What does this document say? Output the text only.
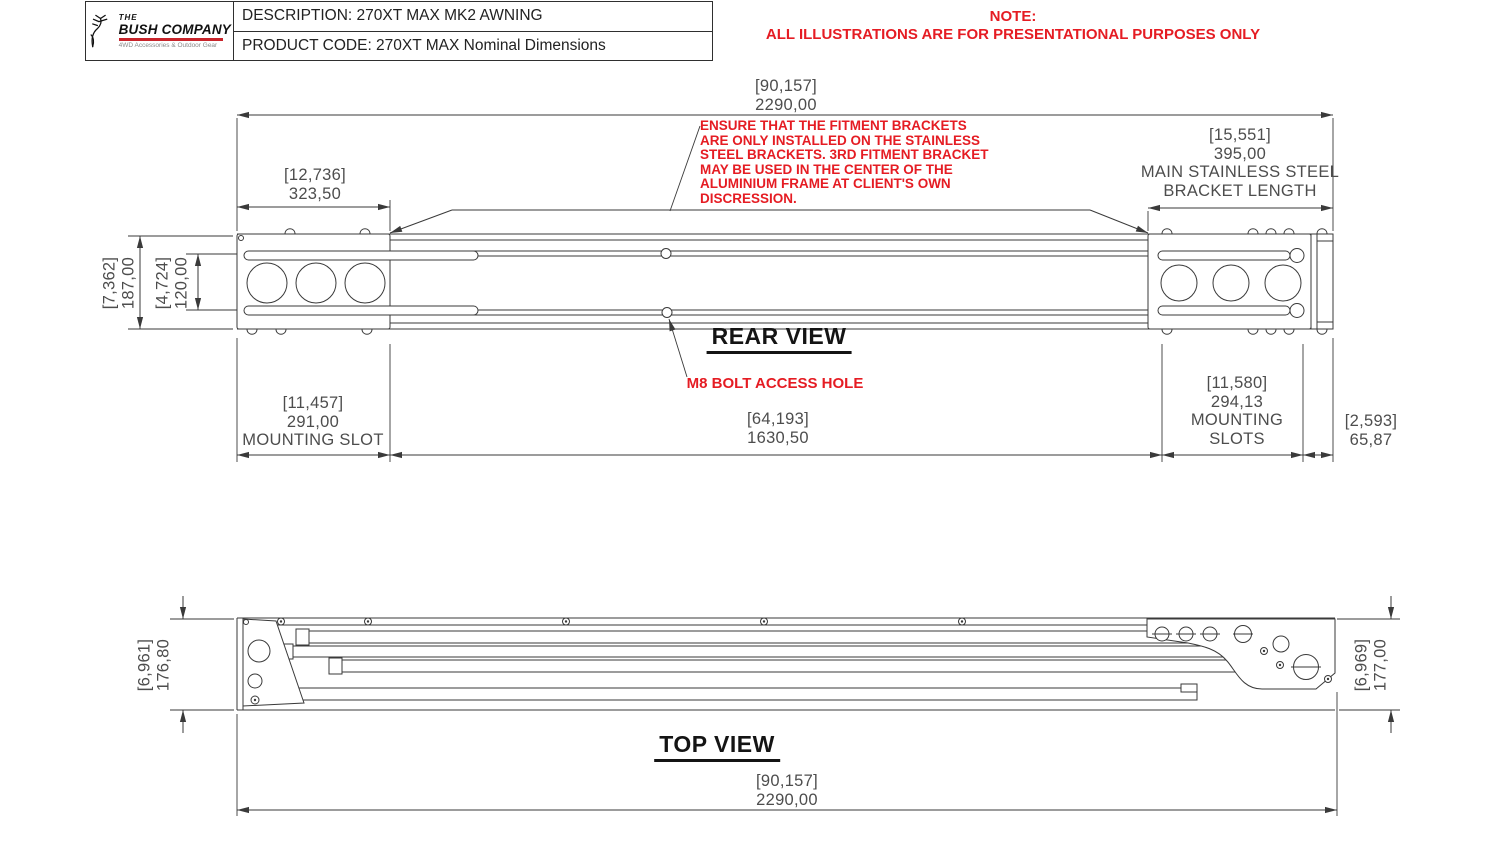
THE
BUSH COMPANY
4WD Accessories & Outdoor Gear
DESCRIPTION: 270XT MAX MK2 AWNING
PRODUCT CODE: 270XT MAX Nominal Dimensions
NOTE:
ALL ILLUSTRATIONS ARE FOR PRESENTATIONAL PURPOSES ONLY
ENSURE THAT THE FITMENT BRACKETS ARE ONLY INSTALLED ON THE STAINLESS STEEL BRACKETS. 3RD FITMENT BRACKET MAY BE USED IN THE CENTER OF THE ALUMINIUM FRAME AT CLIENT'S OWN DISCRESSION.
REAR VIEW
M8 BOLT ACCESS HOLE
[90,157]
2290,00
[12,736]
323,50
[15,551]
395,00
MAIN STAINLESS STEEL
BRACKET LENGTH
[7,362] 187,00 [4,724] 120,00
[11,457]
291,00
MOUNTING SLOT
[64,193]
1630,50
[11,580]
294,13
MOUNTING
SLOTS
[2,593]
65,87
[6,961] 176,80	[6,969] 177,00
TOP VIEW
[90,157]
2290,00
